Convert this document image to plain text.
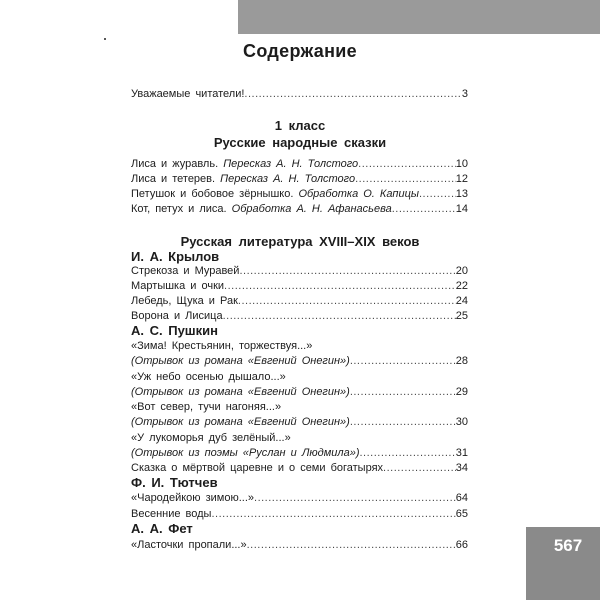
Содержание
Уважаемые читатели! .....	3
1 класс
Русские народные сказки
Лиса и журавль. Пересказ А. Н. Толстого .....	10
Лиса и тетерев. Пересказ А. Н. Толстого .....	12
Петушок и бобовое зёрнышко. Обработка О. Капицы .....	13
Кот, петух и лиса. Обработка А. Н. Афанасьева .....	14
Русская литература XVIII–XIX веков
И. А. Крылов
Стрекоза и Муравей .....	20
Мартышка и очки .....	22
Лебедь, Щука и Рак .....	24
Ворона и Лисица .....	25
А. С. Пушкин
«Зима! Крестьянин, торжествуя...»
(Отрывок из романа «Евгений Онегин») .....	28
«Уж небо осенью дышало...»
(Отрывок из романа «Евгений Онегин») .....	29
«Вот север, тучи нагоняя...»
(Отрывок из романа «Евгений Онегин») .....	30
«У лукоморья дуб зелёный...»
(Отрывок из поэмы «Руслан и Людмила») .....	31
Сказка о мёртвой царевне и о семи богатырях .....	34
Ф. И. Тютчев
«Чародейкою зимою...» .....	64
Весенние воды .....	65
А. А. Фет
«Ласточки пропали...» .....	66	567
